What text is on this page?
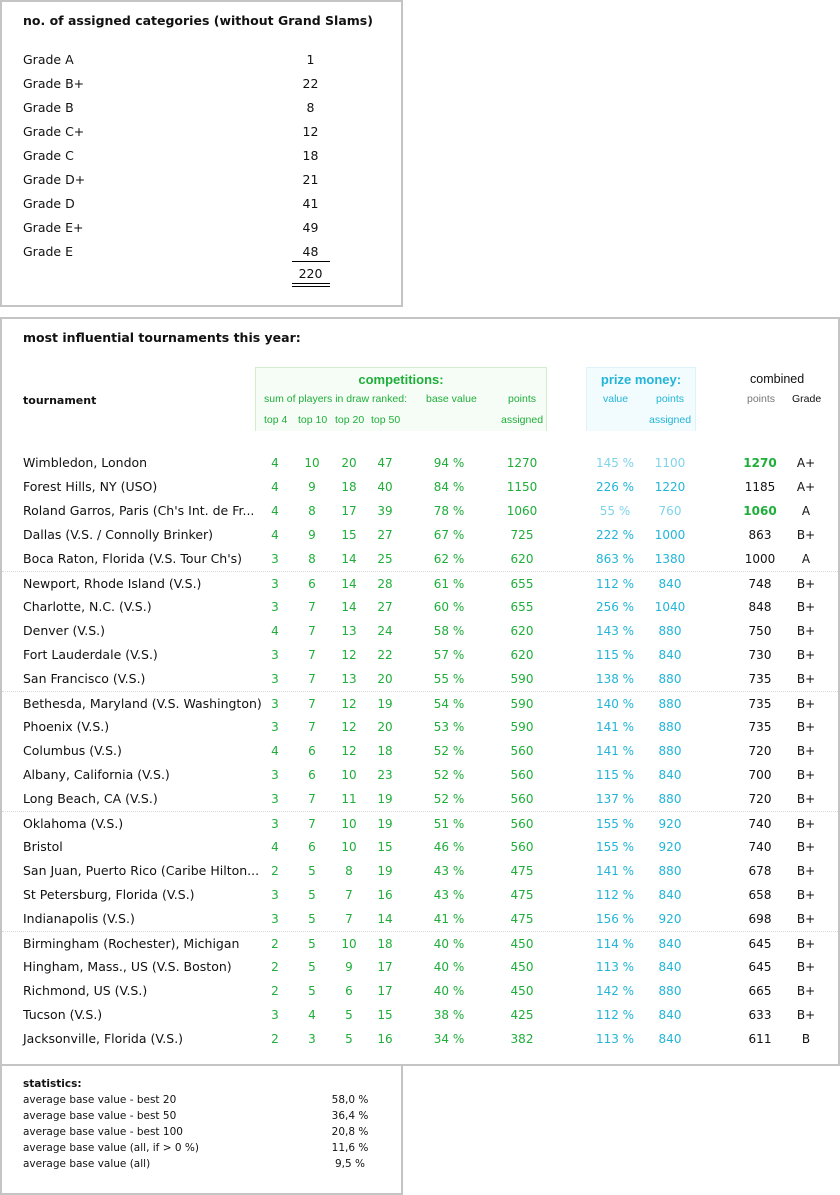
no. of assigned categories (without Grand Slams)
Grade A	1
Grade B+	22
Grade B	8
Grade C+	12
Grade C	18
Grade D+	21
Grade D	41
Grade E+	49
Grade E	48
220
most influential tournaments this year:
competitions:
sum of players in draw ranked:
top 4 top 10 top 20 top 50
base value	points
assigned
prize money:
value	points
assigned
combined
points Grade
tournament
Wimbledon, London	4	10	20	47	94 %	1270	145 %	1100	1270	A+
Forest Hills, NY (USO)	4	9	18	40	84 %	1150	226 %	1220	1185	A+
Roland Garros, Paris (Ch's Int. de Fr...	4	8	17	39	78 %	1060	55 %	760	1060	A
Dallas (V.S. / Connolly Brinker)	4	9	15	27	67 %	725	222 %	1000	863	B+
Boca Raton, Florida (V.S. Tour Ch's)	3	8	14	25	62 %	620	863 %	1380	1000	A
Newport, Rhode Island (V.S.)	3	6	14	28	61 %	655	112 %	840	748	B+
Charlotte, N.C. (V.S.)	3	7	14	27	60 %	655	256 %	1040	848	B+
Denver (V.S.)	4	7	13	24	58 %	620	143 %	880	750	B+
Fort Lauderdale (V.S.)	3	7	12	22	57 %	620	115 %	840	730	B+
San Francisco (V.S.)	3	7	13	20	55 %	590	138 %	880	735	B+
Bethesda, Maryland (V.S. Washington) 3	7	12	19	54 %	590	140 %	880	735	B+
Phoenix (V.S.)	3	7	12	20	53 %	590	141 %	880	735	B+
Columbus (V.S.)	4	6	12	18	52 %	560	141 %	880	720	B+
Albany, California (V.S.)	3	6	10	23	52 %	560	115 %	840	700	B+
Long Beach, CA (V.S.)	3	7	11	19	52 %	560	137 %	880	720	B+
Oklahoma (V.S.)	3	7	10	19	51 %	560	155 %	920	740	B+
Bristol	4	6	10	15	46 %	560	155 %	920	740	B+
San Juan, Puerto Rico (Caribe Hilton...	2	5	8	19	43 %	475	141 %	880	678	B+
St Petersburg, Florida (V.S.)	3	5	7	16	43 %	475	112 %	840	658	B+
Indianapolis (V.S.)	3	5	7	14	41 %	475	156 %	920	698	B+
Birmingham (Rochester), Michigan	2	5	10	18	40 %	450	114 %	840	645	B+
Hingham, Mass., US (V.S. Boston)	2	5	9	17	40 %	450	113 %	840	645	B+
Richmond, US (V.S.)	2	5	6	17	40 %	450	142 %	880	665	B+
Tucson (V.S.)	3	4	5	15	38 %	425	112 %	840	633	B+
Jacksonville, Florida (V.S.)	2	3	5	16	34 %	382	113 %	840	611	B
statistics:
average base value - best 20	58,0 %
average base value - best 50	36,4 %
average base value - best 100	20,8 %
average base value (all, if > 0 %)	11,6 %
average base value (all)	9,5 %
